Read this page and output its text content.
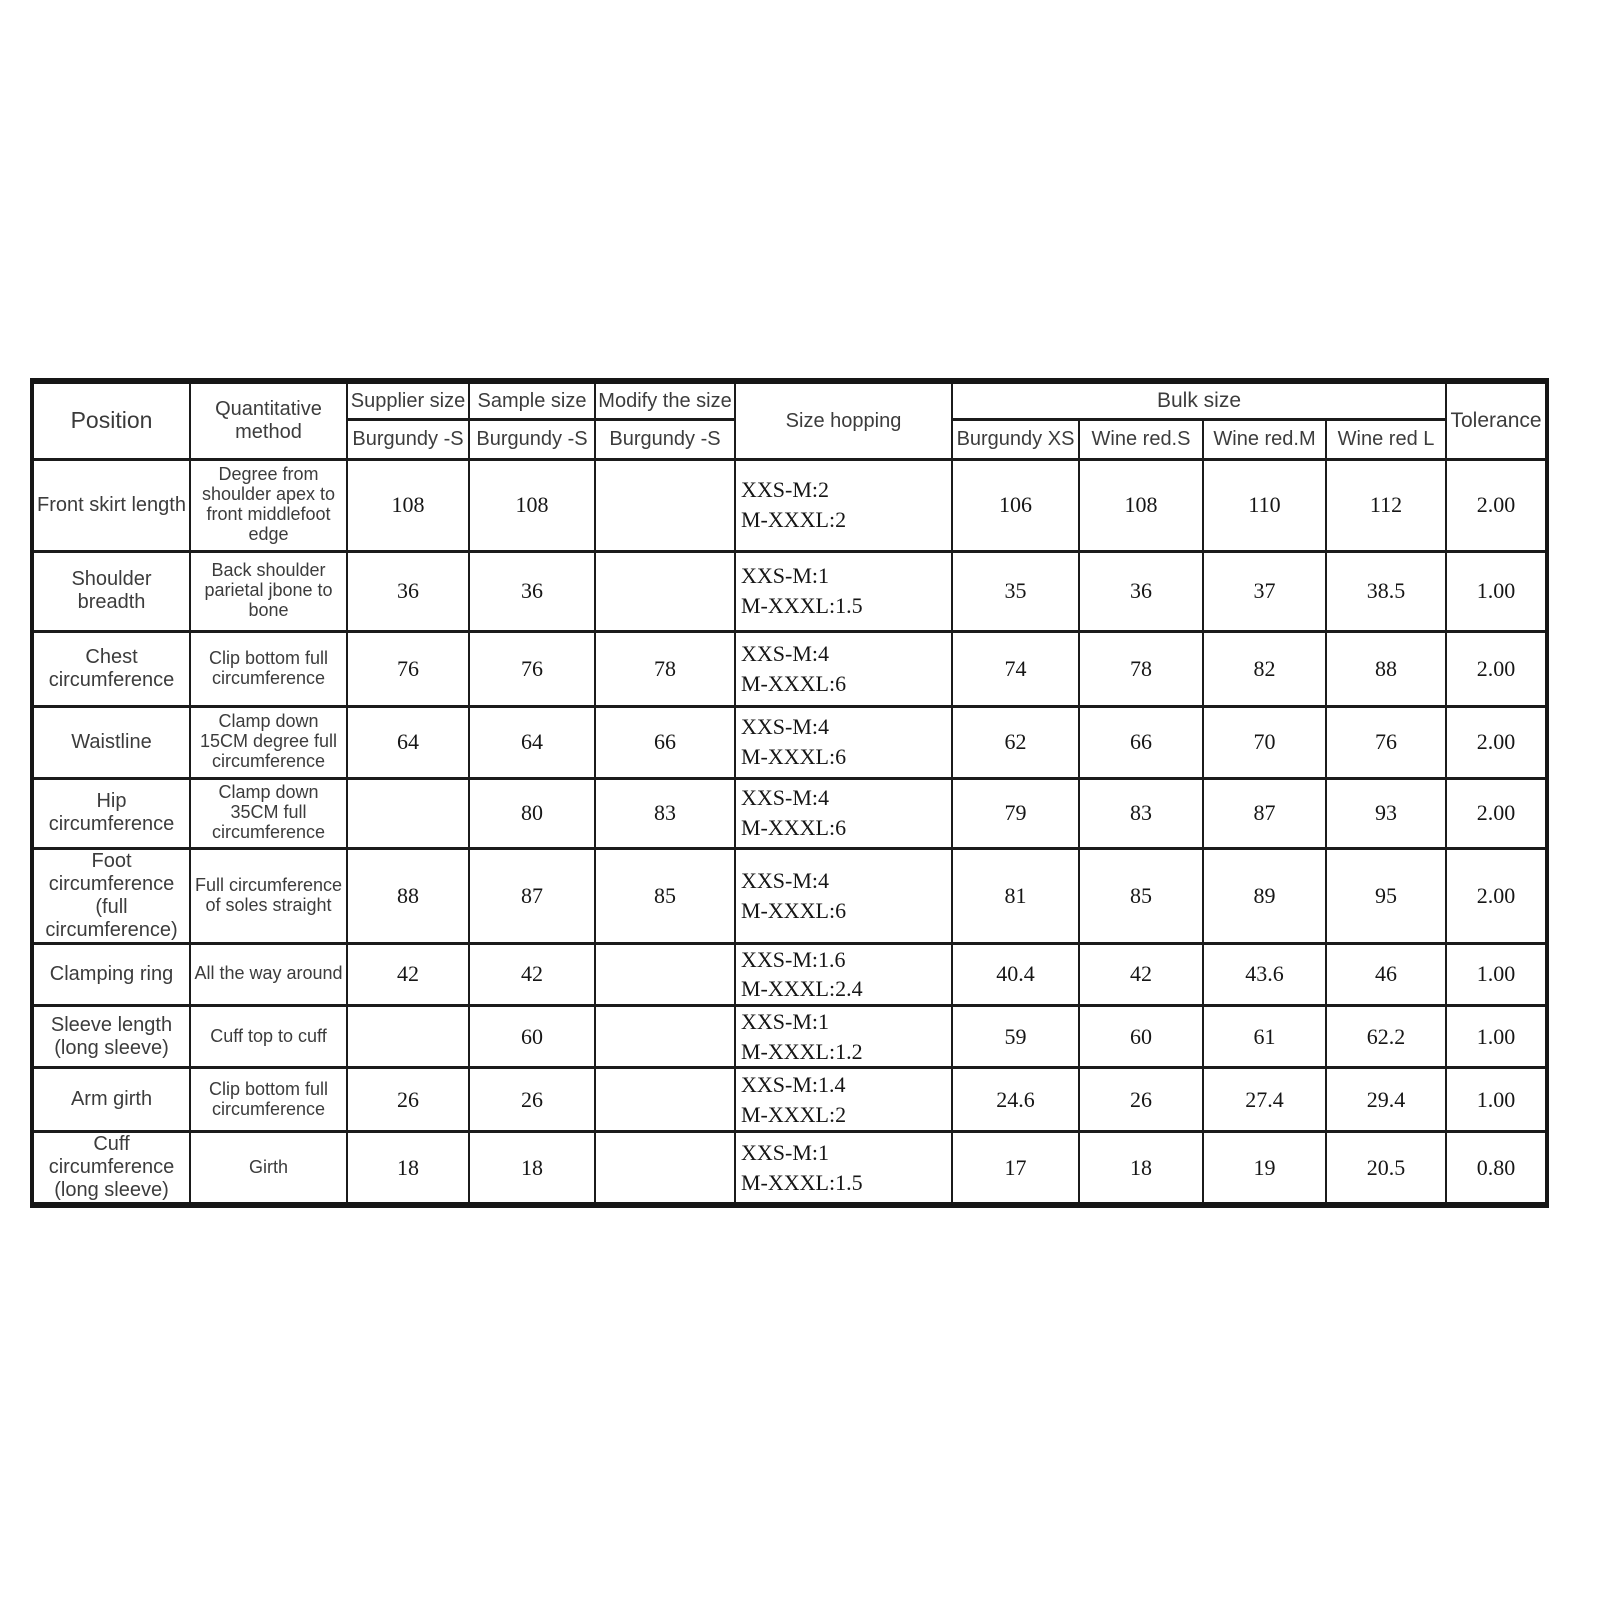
Position	Quantitative method	Supplier size	Sample size	Modify the size	Size hopping	Bulk size				Tolerance
		Burgundy -S	Burgundy -S	Burgundy -S		Burgundy XS	Wine red.S	Wine red.M	Wine red L	
Front skirt length	Degree from shoulder apex to front middlefoot edge	108	108		XXS-M:2
M-XXXL:2	106	108	110	112	2.00
Shoulder breadth	Back shoulder parietal jbone to bone	36	36		XXS-M:1
M-XXXL:1.5	35	36	37	38.5	1.00
Chest circumference	Clip bottom full circumference	76	76	78	XXS-M:4
M-XXXL:6	74	78	82	88	2.00
Waistline	Clamp down 15CM degree full circumference	64	64	66	XXS-M:4
M-XXXL:6	62	66	70	76	2.00
Hip circumference	Clamp down 35CM full circumference		80	83	XXS-M:4
M-XXXL:6	79	83	87	93	2.00
Foot circumference (full circumference)	Full circumference of soles straight	88	87	85	XXS-M:4
M-XXXL:6	81	85	89	95	2.00
Clamping ring	All the way around	42	42		XXS-M:1.6
M-XXXL:2.4	40.4	42	43.6	46	1.00
Sleeve length (long sleeve)	Cuff top to cuff		60		XXS-M:1
M-XXXL:1.2	59	60	61	62.2	1.00
Arm girth	Clip bottom full circumference	26	26		XXS-M:1.4
M-XXXL:2	24.6	26	27.4	29.4	1.00
Cuff circumference (long sleeve)	Girth	18	18		XXS-M:1
M-XXXL:1.5	17	18	19	20.5	0.80
